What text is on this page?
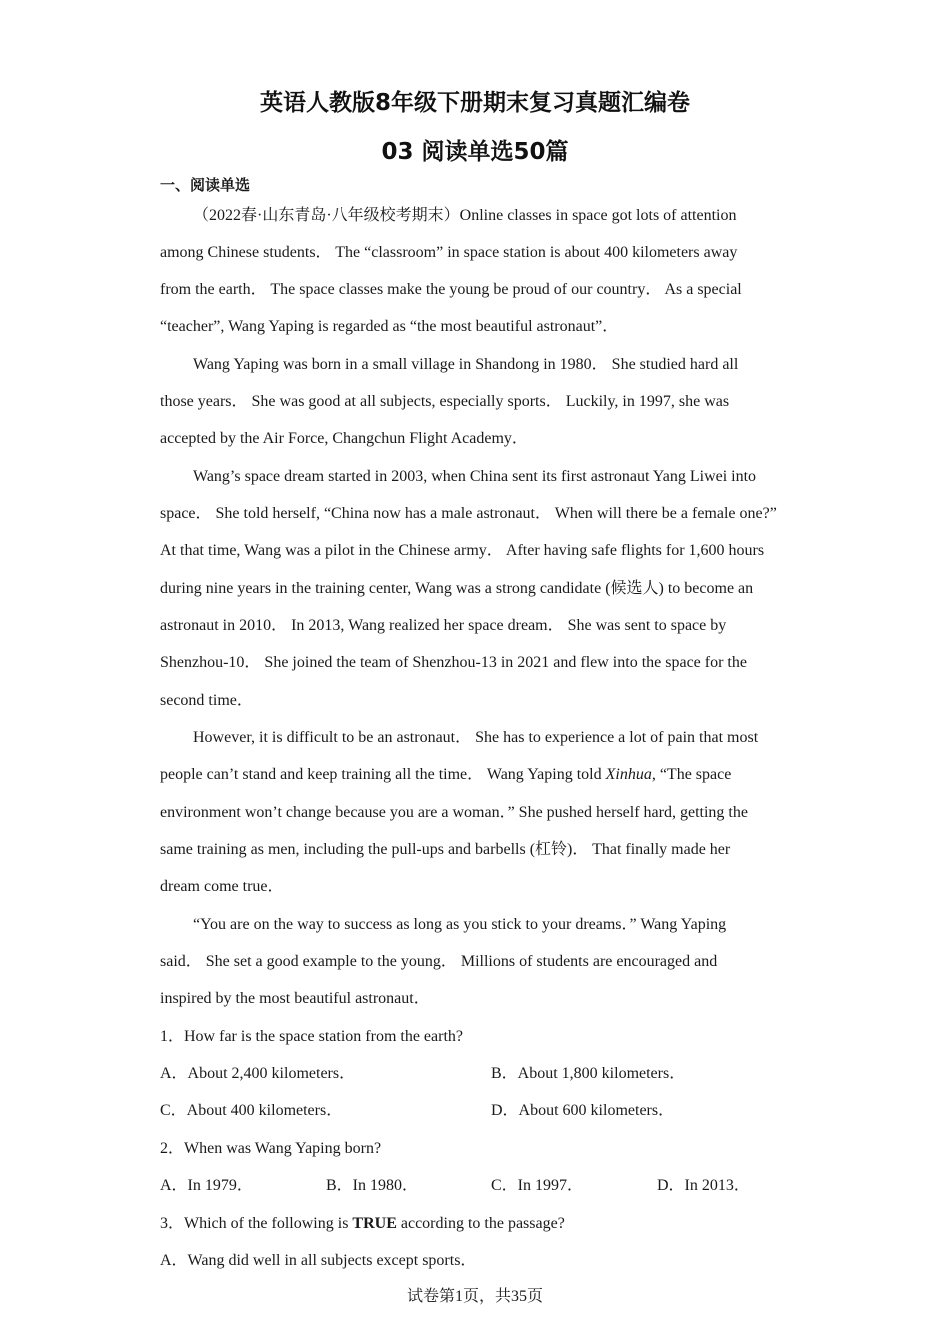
英语人教版8年级下册期末复习真题汇编卷
03 阅读单选50篇
一、阅读单选
（2022春·山东青岛·八年级校考期末）Online classes in space got lots of attention
among Chinese students． The “classroom” in space station is about 400 kilometers away
from the earth． The space classes make the young be proud of our country． As a special
“teacher”, Wang Yaping is regarded as “the most beautiful astronaut”．
Wang Yaping was born in a small village in Shandong in 1980． She studied hard all
those years． She was good at all subjects, especially sports． Luckily, in 1997, she was
accepted by the Air Force, Changchun Flight Academy．
Wang’s space dream started in 2003, when China sent its first astronaut Yang Liwei into
space． She told herself, “China now has a male astronaut． When will there be a female one?”
At that time, Wang was a pilot in the Chinese army． After having safe flights for 1,600 hours
during nine years in the training center, Wang was a strong candidate (候选人) to become an
astronaut in 2010． In 2013, Wang realized her space dream． She was sent to space by
Shenzhou-10． She joined the team of Shenzhou-13 in 2021 and flew into the space for the
second time．
However, it is difficult to be an astronaut． She has to experience a lot of pain that most
people can’t stand and keep training all the time． Wang Yaping told Xinhua, “The space
environment won’t change because you are a woman．” She pushed herself hard, getting the
same training as men, including the pull-ups and barbells (杠铃)． That finally made her
dream come true．
“You are on the way to success as long as you stick to your dreams．” Wang Yaping
said． She set a good example to the young． Millions of students are encouraged and
inspired by the most beautiful astronaut．
1．How far is the space station from the earth?
A．About 2,400 kilometers．	B．About 1,800 kilometers．
C．About 400 kilometers．	D．About 600 kilometers．
2．When was Wang Yaping born?
A．In 1979．	B．In 1980．	C．In 1997．	D．In 2013．
3．Which of the following is TRUE according to the passage?
A．Wang did well in all subjects except sports．
试卷第1页，共35页
